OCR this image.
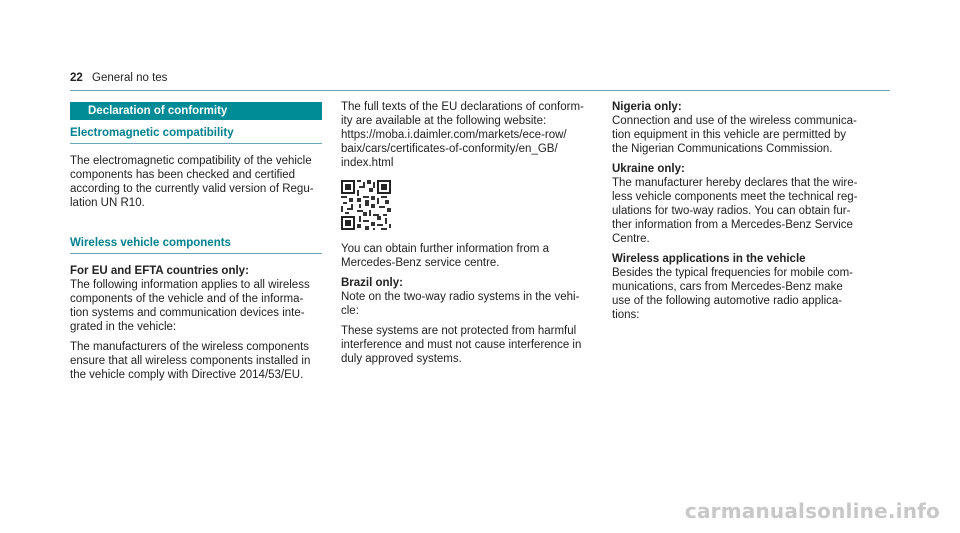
22 General no tes
Declaration of conformity
Electromagnetic compatibility

The electromagnetic compatibility of the vehicle
components has been checked and certified
according to the currently valid version of Regu-
lation UN R10.

Wireless vehicle components

For EU and EFTA countries only:
The following information applies to all wireless
components of the vehicle and of the informa-
tion systems and communication devices inte-
grated in the vehicle:

The manufacturers of the wireless components
ensure that all wireless components installed in
the vehicle comply with Directive 2014/53/EU.

The full texts of the EU declarations of conform-
ity are available at the following website:
https://moba.i.daimler.com/markets/ece-row/
baix/cars/certificates-of-conformity/en_GB/
index.html

You can obtain further information from a
Mercedes-Benz service centre.

Brazil only:
Note on the two-way radio systems in the vehi-
cle:

These systems are not protected from harmful
interference and must not cause interference in
duly approved systems.

Nigeria only:
Connection and use of the wireless communica-
tion equipment in this vehicle are permitted by
the Nigerian Communications Commission.

Ukraine only:
The manufacturer hereby declares that the wire-
less vehicle components meet the technical reg-
ulations for two-way radios. You can obtain fur-
ther information from a Mercedes-Benz Service
Centre.

Wireless applications in the vehicle
Besides the typical frequencies for mobile com-
munications, cars from Mercedes-Benz make
use of the following automotive radio applica-
tions:

carmanualsonline.info
